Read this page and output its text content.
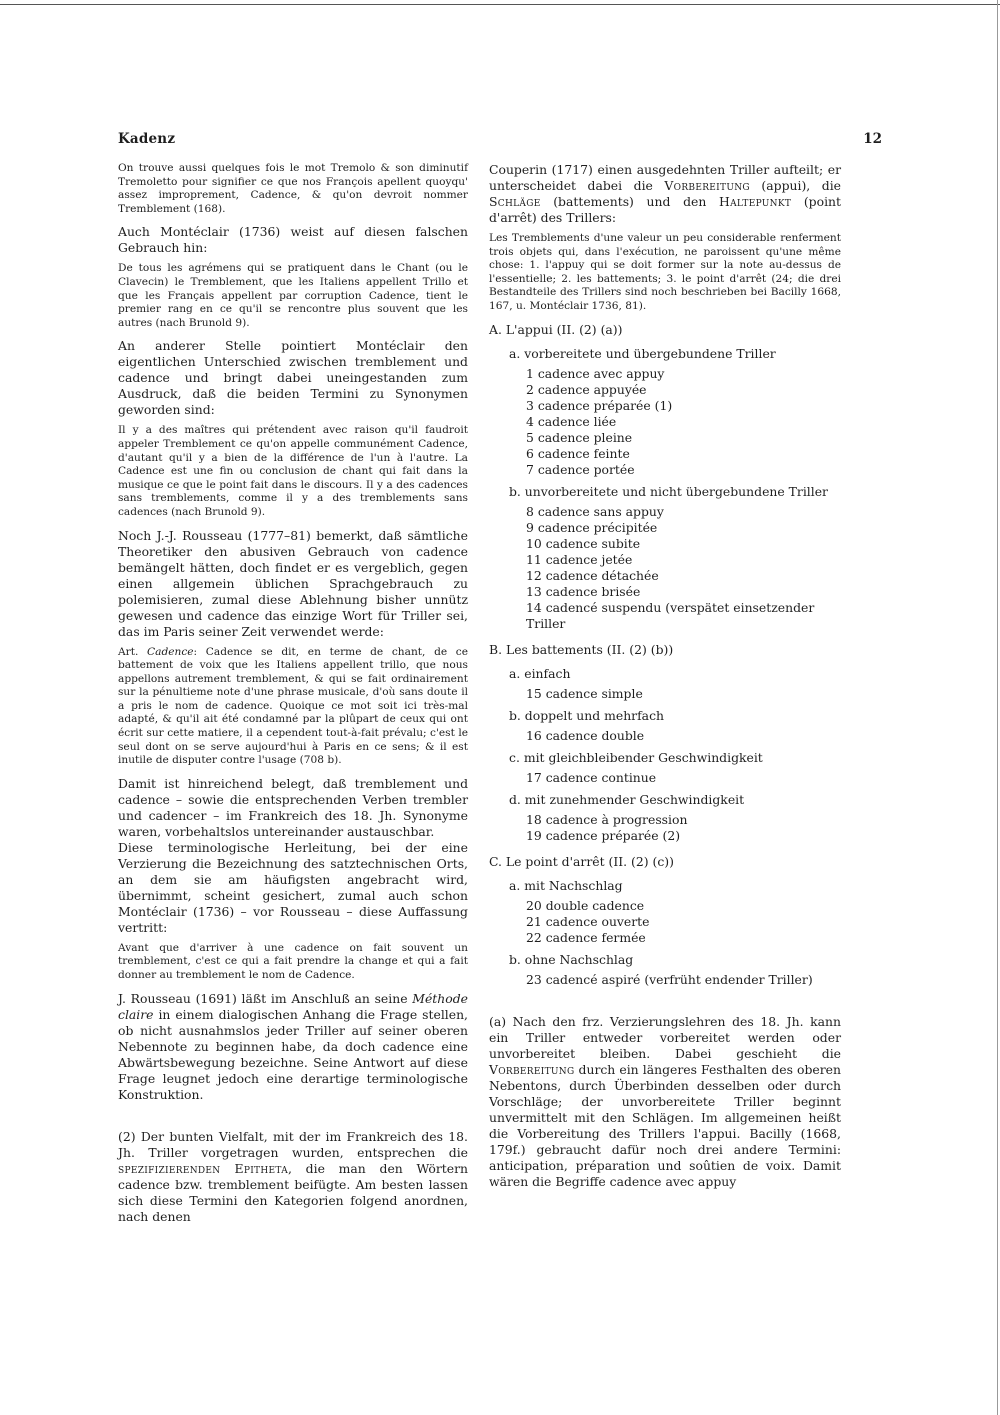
Kadenz	12

On trouve aussi quelques fois le mot Tremolo & son diminutif Tremoletto pour signifier ce que nos François apellent quoyqu' assez improprement, Cadence, & qu'on devroit nommer Tremblement (168).

Auch Montéclair (1736) weist auf diesen falschen Gebrauch hin:

De tous les agrémens qui se pratiquent dans le Chant (ou le Clavecin) le Tremblement, que les Italiens appellent Trillo et que les Français appellent par corruption Cadence, tient le premier rang en ce qu'il se rencontre plus souvent que les autres (nach Brunold 9).

An anderer Stelle pointiert Montéclair den eigentlichen Unterschied zwischen tremblement und cadence und bringt dabei uneingestanden zum Ausdruck, daß die beiden Termini zu Synonymen geworden sind:

Il y a des maîtres qui prétendent avec raison qu'il faudroit appeler Tremblement ce qu'on appelle communément Cadence, d'autant qu'il y a bien de la différence de l'un à l'autre. La Cadence est une fin ou conclusion de chant qui fait dans la musique ce que le point fait dans le discours. Il y a des cadences sans tremblements, comme il y a des tremblements sans cadences (nach Brunold 9).

Noch J.-J. Rousseau (1777–81) bemerkt, daß sämtliche Theoretiker den abusiven Gebrauch von cadence bemängelt hätten, doch findet er es vergeblich, gegen einen allgemein üblichen Sprachgebrauch zu polemisieren, zumal diese Ablehnung bisher unnütz gewesen und cadence das einzige Wort für Triller sei, das im Paris seiner Zeit verwendet werde:

Art. Cadence: Cadence se dit, en terme de chant, de ce battement de voix que les Italiens appellent trillo, que nous appellons autrement tremblement, & qui se fait ordinairement sur la pénultieme note d'une phrase musicale, d'où sans doute il a pris le nom de cadence. Quoique ce mot soit ici très-mal adapté, & qu'il ait été condamné par la plûpart de ceux qui ont écrit sur cette matiere, il a cependent tout-à-fait prévalu; c'est le seul dont on se serve aujourd'hui à Paris en ce sens; & il est inutile de disputer contre l'usage (708 b).

Damit ist hinreichend belegt, daß tremblement und cadence – sowie die entsprechenden Verben trembler und cadencer – im Frankreich des 18. Jh. Synonyme waren, vorbehaltslos untereinander austauschbar.

Diese terminologische Herleitung, bei der eine Verzierung die Bezeichnung des satztechnischen Orts, an dem sie am häufigsten angebracht wird, übernimmt, scheint gesichert, zumal auch schon Montéclair (1736) – vor Rousseau – diese Auffassung vertritt:

Avant que d'arriver à une cadence on fait souvent un tremblement, c'est ce qui a fait prendre la change et qui a fait donner au tremblement le nom de Cadence.

J. Rousseau (1691) läßt im Anschluß an seine Méthode claire in einem dialogischen Anhang die Frage stellen, ob nicht ausnahmslos jeder Triller auf seiner oberen Nebennote zu beginnen habe, da doch cadence eine Abwärtsbewegung bezeichne. Seine Antwort auf diese Frage leugnet jedoch eine derartige terminologische Konstruktion.

(2) Der bunten Vielfalt, mit der im Frankreich des 18. Jh. Triller vorgetragen wurden, entsprechen die spezifizierenden Epitheta, die man den Wörtern cadence bzw. tremblement beifügte. Am besten lassen sich diese Termini den Kategorien folgend anordnen, nach denen

Couperin (1717) einen ausgedehnten Triller aufteilt; er unterscheidet dabei die Vorbereitung (appui), die Schläge (battements) und den Haltepunkt (point d'arrêt) des Trillers:

Les Tremblements d'une valeur un peu considerable renferment trois objets qui, dans l'exécution, ne paroissent qu'une même chose: 1. l'appuy qui se doit former sur la note au-dessus de l'essentielle; 2. les battements; 3. le point d'arrêt (24; die drei Bestandteile des Trillers sind noch beschrieben bei Bacilly 1668, 167, u. Montéclair 1736, 81).

A. L'appui (II. (2) (a))

a. vorbereitete und übergebundene Triller

1 cadence avec appuy

2 cadence appuyée

3 cadence préparée (1)

4 cadence liée

5 cadence pleine

6 cadence feinte

7 cadence portée

b. unvorbereitete und nicht übergebundene Triller

8 cadence sans appuy

9 cadence précipitée

10 cadence subite

11 cadence jetée

12 cadence détachée

13 cadence brisée

14 cadencé suspendu (verspätet einsetzender Triller

B. Les battements (II. (2) (b))

a. einfach

15 cadence simple

b. doppelt und mehrfach

16 cadence double

c. mit gleichbleibender Geschwindigkeit

17 cadence continue

d. mit zunehmender Geschwindigkeit

18 cadence à progression

19 cadence préparée (2)

C. Le point d'arrêt (II. (2) (c))

a. mit Nachschlag

20 double cadence

21 cadence ouverte

22 cadence fermée

b. ohne Nachschlag

23 cadencé aspiré (verfrüht endender Triller)

(a) Nach den frz. Verzierungslehren des 18. Jh. kann ein Triller entweder vorbereitet werden oder unvorbereitet bleiben. Dabei geschieht die Vorbereitung durch ein längeres Festhalten des oberen Nebentons, durch Überbinden desselben oder durch Vorschläge; der unvorbereitete Triller beginnt unvermittelt mit den Schlägen. Im allgemeinen heißt die Vorbereitung des Trillers l'appui. Bacilly (1668, 179f.) gebraucht dafür noch drei andere Termini: anticipation, préparation und soûtien de voix. Damit wären die Begriffe cadence avec appuy
